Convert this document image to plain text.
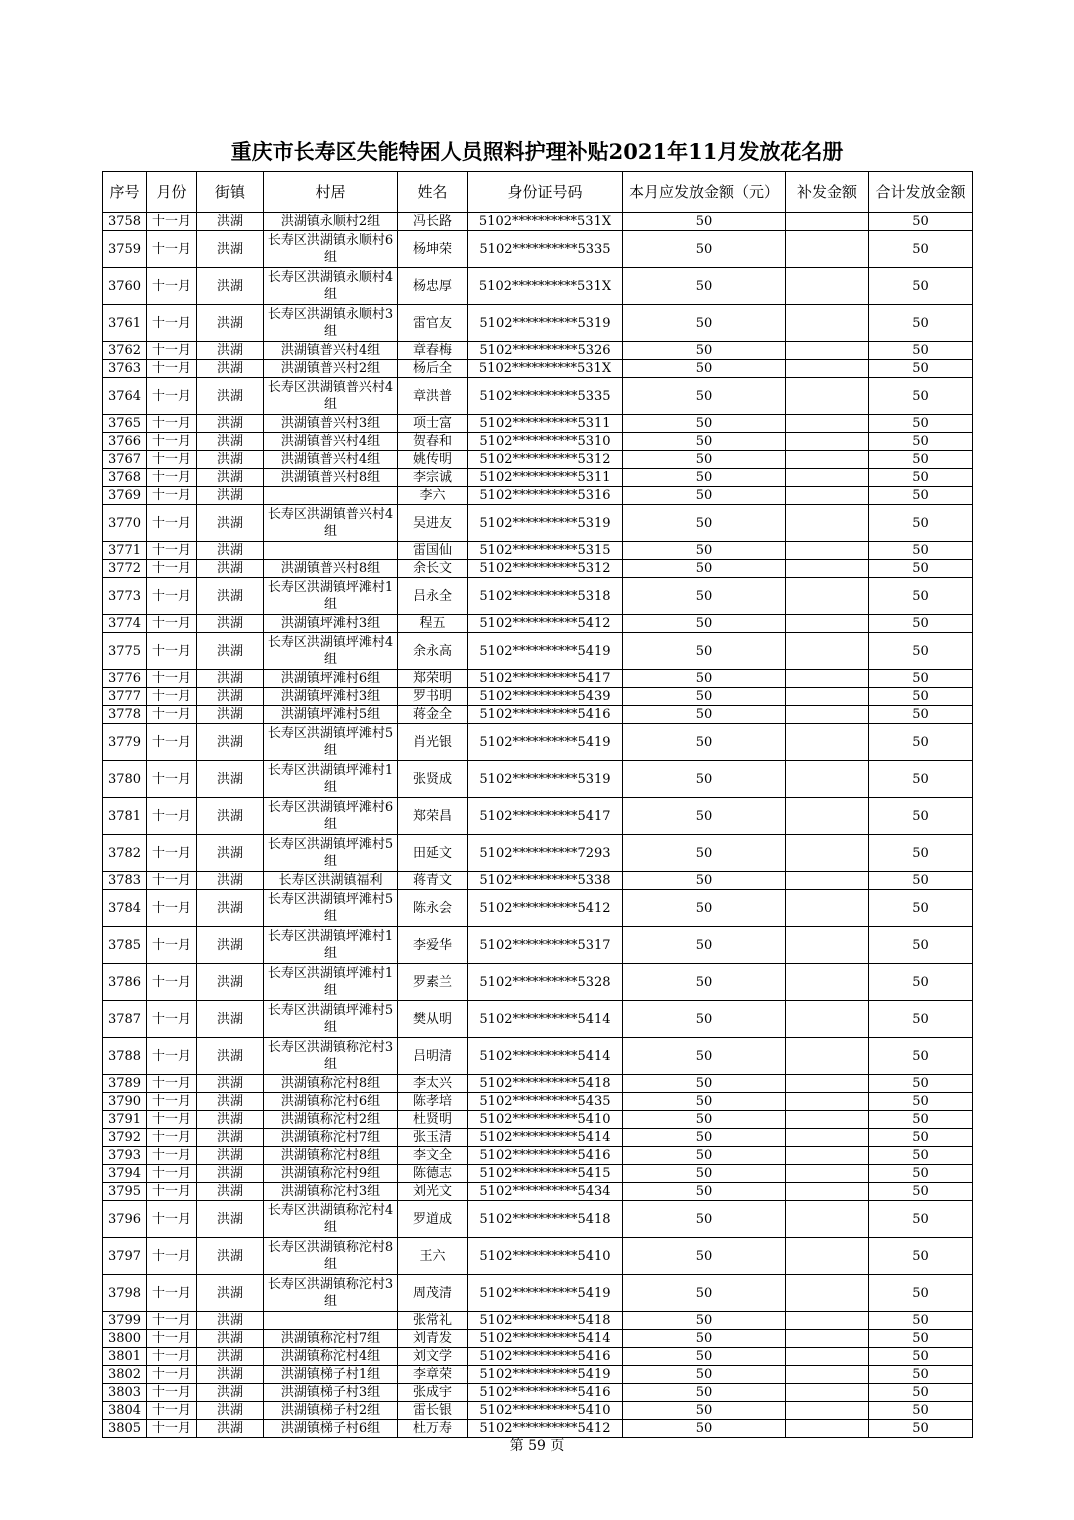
重庆市长寿区失能特困人员照料护理补贴2021年11月发放花名册
序号	月份	街镇	村居	姓名	身份证号码	本月应发放金额（元）	补发金额	合计发放金额
3758	十一月	洪湖	洪湖镇永顺村2组	冯长路	5102**********531X	50		50
3759	十一月	洪湖	长寿区洪湖镇永顺村6组	杨坤荣	5102**********5335	50		50
3760	十一月	洪湖	长寿区洪湖镇永顺村4组	杨忠厚	5102**********531X	50		50
3761	十一月	洪湖	长寿区洪湖镇永顺村3组	雷官友	5102**********5319	50		50
3762	十一月	洪湖	洪湖镇普兴村4组	章春梅	5102**********5326	50		50
3763	十一月	洪湖	洪湖镇普兴村2组	杨后全	5102**********531X	50		50
3764	十一月	洪湖	长寿区洪湖镇普兴村4组	章洪普	5102**********5335	50		50
3765	十一月	洪湖	洪湖镇普兴村3组	项士富	5102**********5311	50		50
3766	十一月	洪湖	洪湖镇普兴村4组	贺春和	5102**********5310	50		50
3767	十一月	洪湖	洪湖镇普兴村4组	姚传明	5102**********5312	50		50
3768	十一月	洪湖	洪湖镇普兴村8组	李宗诚	5102**********5311	50		50
3769	十一月	洪湖		李六	5102**********5316	50		50
3770	十一月	洪湖	长寿区洪湖镇普兴村4组	吴进友	5102**********5319	50		50
3771	十一月	洪湖		雷国仙	5102**********5315	50		50
3772	十一月	洪湖	洪湖镇普兴村8组	余长文	5102**********5312	50		50
3773	十一月	洪湖	长寿区洪湖镇坪滩村1组	吕永全	5102**********5318	50		50
3774	十一月	洪湖	洪湖镇坪滩村3组	程五	5102**********5412	50		50
3775	十一月	洪湖	长寿区洪湖镇坪滩村4组	余永高	5102**********5419	50		50
3776	十一月	洪湖	洪湖镇坪滩村6组	郑荣明	5102**********5417	50		50
3777	十一月	洪湖	洪湖镇坪滩村3组	罗书明	5102**********5439	50		50
3778	十一月	洪湖	洪湖镇坪滩村5组	蒋金全	5102**********5416	50		50
3779	十一月	洪湖	长寿区洪湖镇坪滩村5组	肖光银	5102**********5419	50		50
3780	十一月	洪湖	长寿区洪湖镇坪滩村1组	张贤成	5102**********5319	50		50
3781	十一月	洪湖	长寿区洪湖镇坪滩村6组	郑荣昌	5102**********5417	50		50
3782	十一月	洪湖	长寿区洪湖镇坪滩村5组	田延文	5102**********7293	50		50
3783	十一月	洪湖	长寿区洪湖镇福利	蒋青文	5102**********5338	50		50
3784	十一月	洪湖	长寿区洪湖镇坪滩村5组	陈永会	5102**********5412	50		50
3785	十一月	洪湖	长寿区洪湖镇坪滩村1组	李爱华	5102**********5317	50		50
3786	十一月	洪湖	长寿区洪湖镇坪滩村1组	罗素兰	5102**********5328	50		50
3787	十一月	洪湖	长寿区洪湖镇坪滩村5组	樊从明	5102**********5414	50		50
3788	十一月	洪湖	长寿区洪湖镇称沱村3组	吕明清	5102**********5414	50		50
3789	十一月	洪湖	洪湖镇称沱村8组	李太兴	5102**********5418	50		50
3790	十一月	洪湖	洪湖镇称沱村6组	陈孝培	5102**********5435	50		50
3791	十一月	洪湖	洪湖镇称沱村2组	杜贤明	5102**********5410	50		50
3792	十一月	洪湖	洪湖镇称沱村7组	张玉清	5102**********5414	50		50
3793	十一月	洪湖	洪湖镇称沱村8组	李文全	5102**********5416	50		50
3794	十一月	洪湖	洪湖镇称沱村9组	陈德志	5102**********5415	50		50
3795	十一月	洪湖	洪湖镇称沱村3组	刘光文	5102**********5434	50		50
3796	十一月	洪湖	长寿区洪湖镇称沱村4组	罗道成	5102**********5418	50		50
3797	十一月	洪湖	长寿区洪湖镇称沱村8组	王六	5102**********5410	50		50
3798	十一月	洪湖	长寿区洪湖镇称沱村3组	周茂清	5102**********5419	50		50
3799	十一月	洪湖		张常礼	5102**********5418	50		50
3800	十一月	洪湖	洪湖镇称沱村7组	刘青发	5102**********5414	50		50
3801	十一月	洪湖	洪湖镇称沱村4组	刘文学	5102**********5416	50		50
3802	十一月	洪湖	洪湖镇梯子村1组	李章荣	5102**********5419	50		50
3803	十一月	洪湖	洪湖镇梯子村3组	张成宇	5102**********5416	50		50
3804	十一月	洪湖	洪湖镇梯子村2组	雷长银	5102**********5410	50		50
3805	十一月	洪湖	洪湖镇梯子村6组	杜万寿	5102**********5412	50		50
第 59 页
